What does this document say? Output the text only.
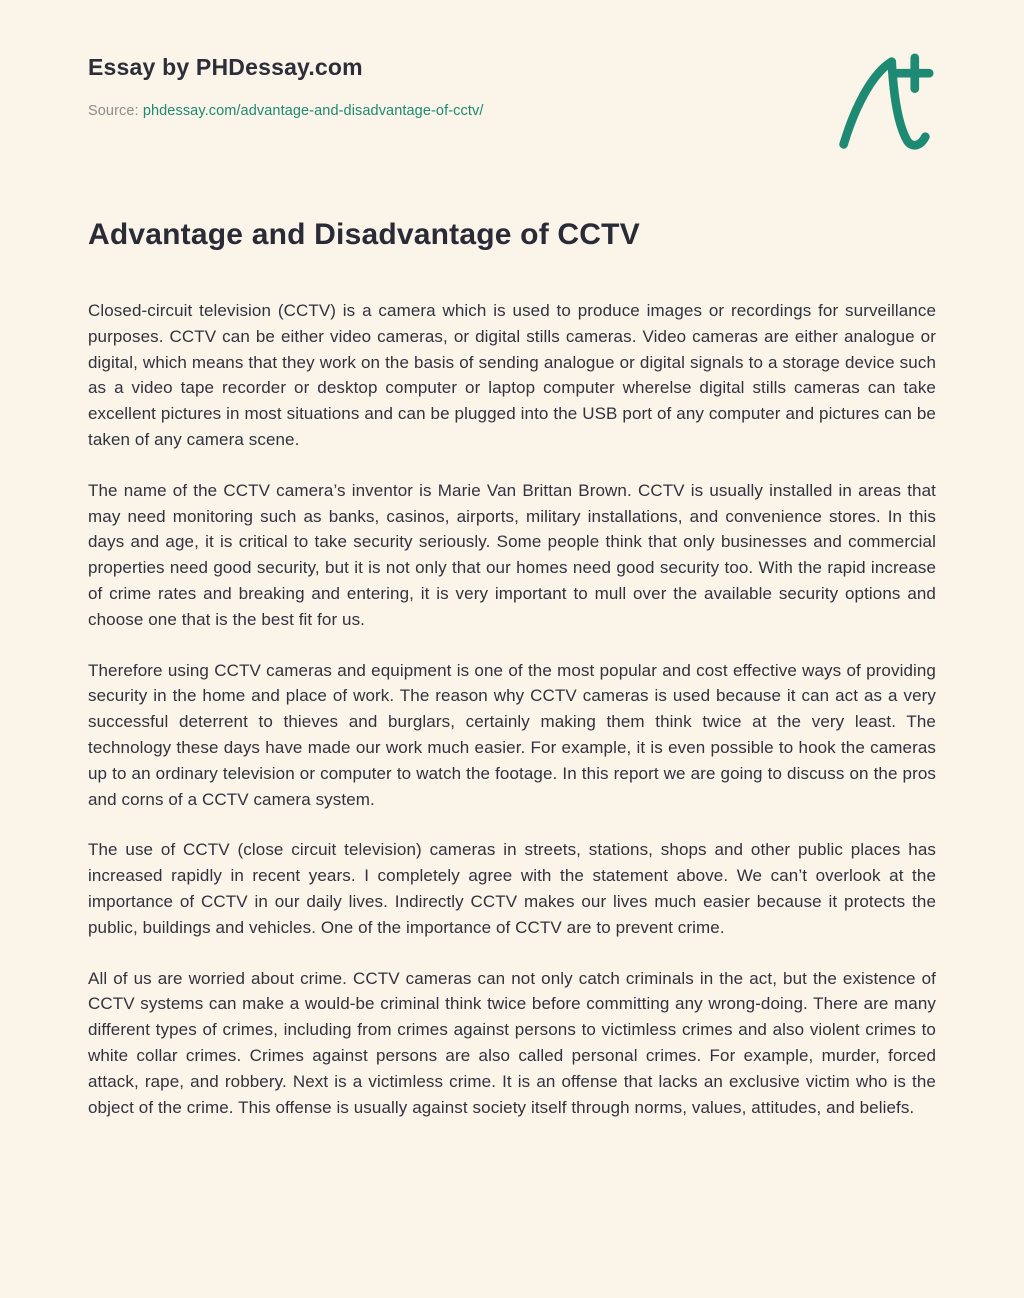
Essay by PHDessay.com

Source: phdessay.com/advantage-and-disadvantage-of-cctv/

Advantage and Disadvantage of CCTV

Closed-circuit television (CCTV) is a camera which is used to produce images or recordings for surveillance purposes. CCTV can be either video cameras, or digital stills cameras. Video cameras are either analogue or digital, which means that they work on the basis of sending analogue or digital signals to a storage device such as a video tape recorder or desktop computer or laptop computer wherelse digital stills cameras can take excellent pictures in most situations and can be plugged into the USB port of any computer and pictures can be taken of any camera scene.

The name of the CCTV camera’s inventor is Marie Van Brittan Brown. CCTV is usually installed in areas that may need monitoring such as banks, casinos, airports, military installations, and convenience stores. In this days and age, it is critical to take security seriously. Some people think that only businesses and commercial properties need good security, but it is not only that our homes need good security too. With the rapid increase of crime rates and breaking and entering, it is very important to mull over the available security options and choose one that is the best fit for us.

Therefore using CCTV cameras and equipment is one of the most popular and cost effective ways of providing security in the home and place of work. The reason why CCTV cameras is used because it can act as a very successful deterrent to thieves and burglars, certainly making them think twice at the very least. The technology these days have made our work much easier. For example, it is even possible to hook the cameras up to an ordinary television or computer to watch the footage. In this report we are going to discuss on the pros and corns of a CCTV camera system.

The use of CCTV (close circuit television) cameras in streets, stations, shops and other public places has increased rapidly in recent years. I completely agree with the statement above. We can’t overlook at the importance of CCTV in our daily lives. Indirectly CCTV makes our lives much easier because it protects the public, buildings and vehicles. One of the importance of CCTV are to prevent crime.

All of us are worried about crime. CCTV cameras can not only catch criminals in the act, but the existence of CCTV systems can make a would-be criminal think twice before committing any wrong-doing. There are many different types of crimes, including from crimes against persons to victimless crimes and also violent crimes to white collar crimes. Crimes against persons are also called personal crimes. For example, murder, forced attack, rape, and robbery. Next is a victimless crime. It is an offense that lacks an exclusive victim who is the object of the crime. This offense is usually against society itself through norms, values, attitudes, and beliefs.
